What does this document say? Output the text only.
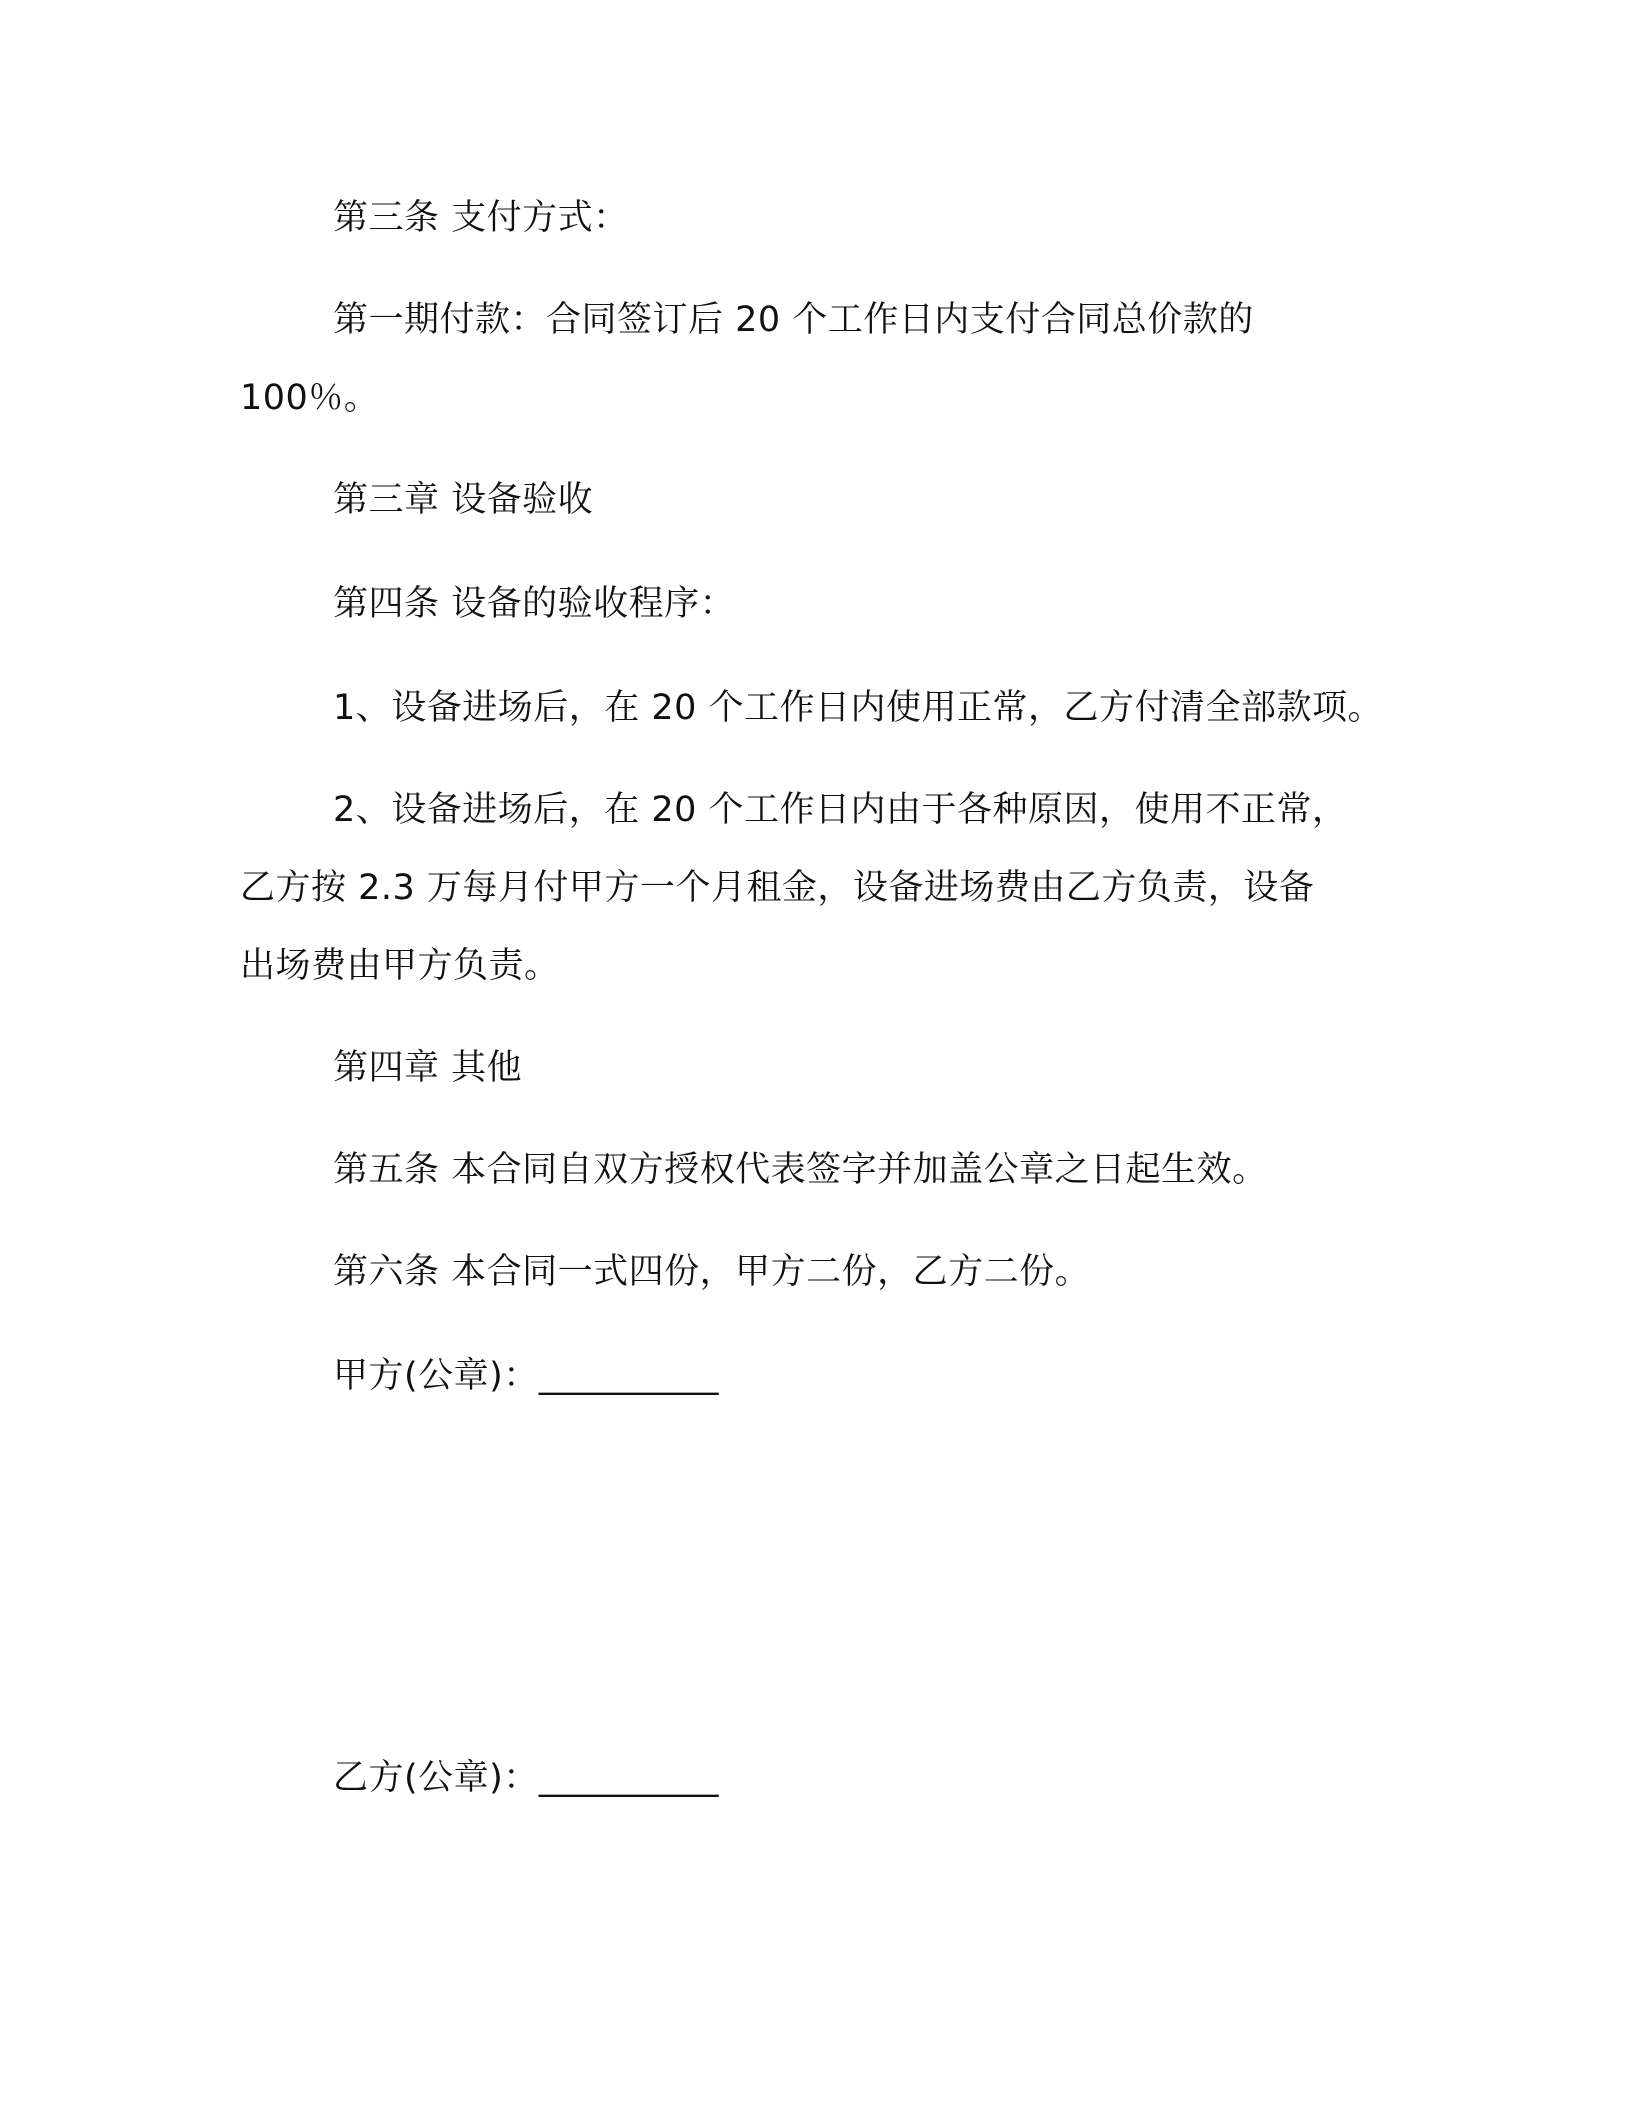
第三条 支付方式：

第一期付款：合同签订后 20 个工作日内支付合同总价款的

100％。

第三章 设备验收

第四条 设备的验收程序：

1、设备进场后，在 20 个工作日内使用正常，乙方付清全部款项。

2、设备进场后，在 20 个工作日内由于各种原因，使用不正常，

乙方按 2.3 万每月付甲方一个月租金，设备进场费由乙方负责，设备

出场费由甲方负责。

第四章 其他

第五条 本合同自双方授权代表签字并加盖公章之日起生效。

第六条 本合同一式四份，甲方二份，乙方二份。

甲方(公章)：__________

乙方(公章)：__________
